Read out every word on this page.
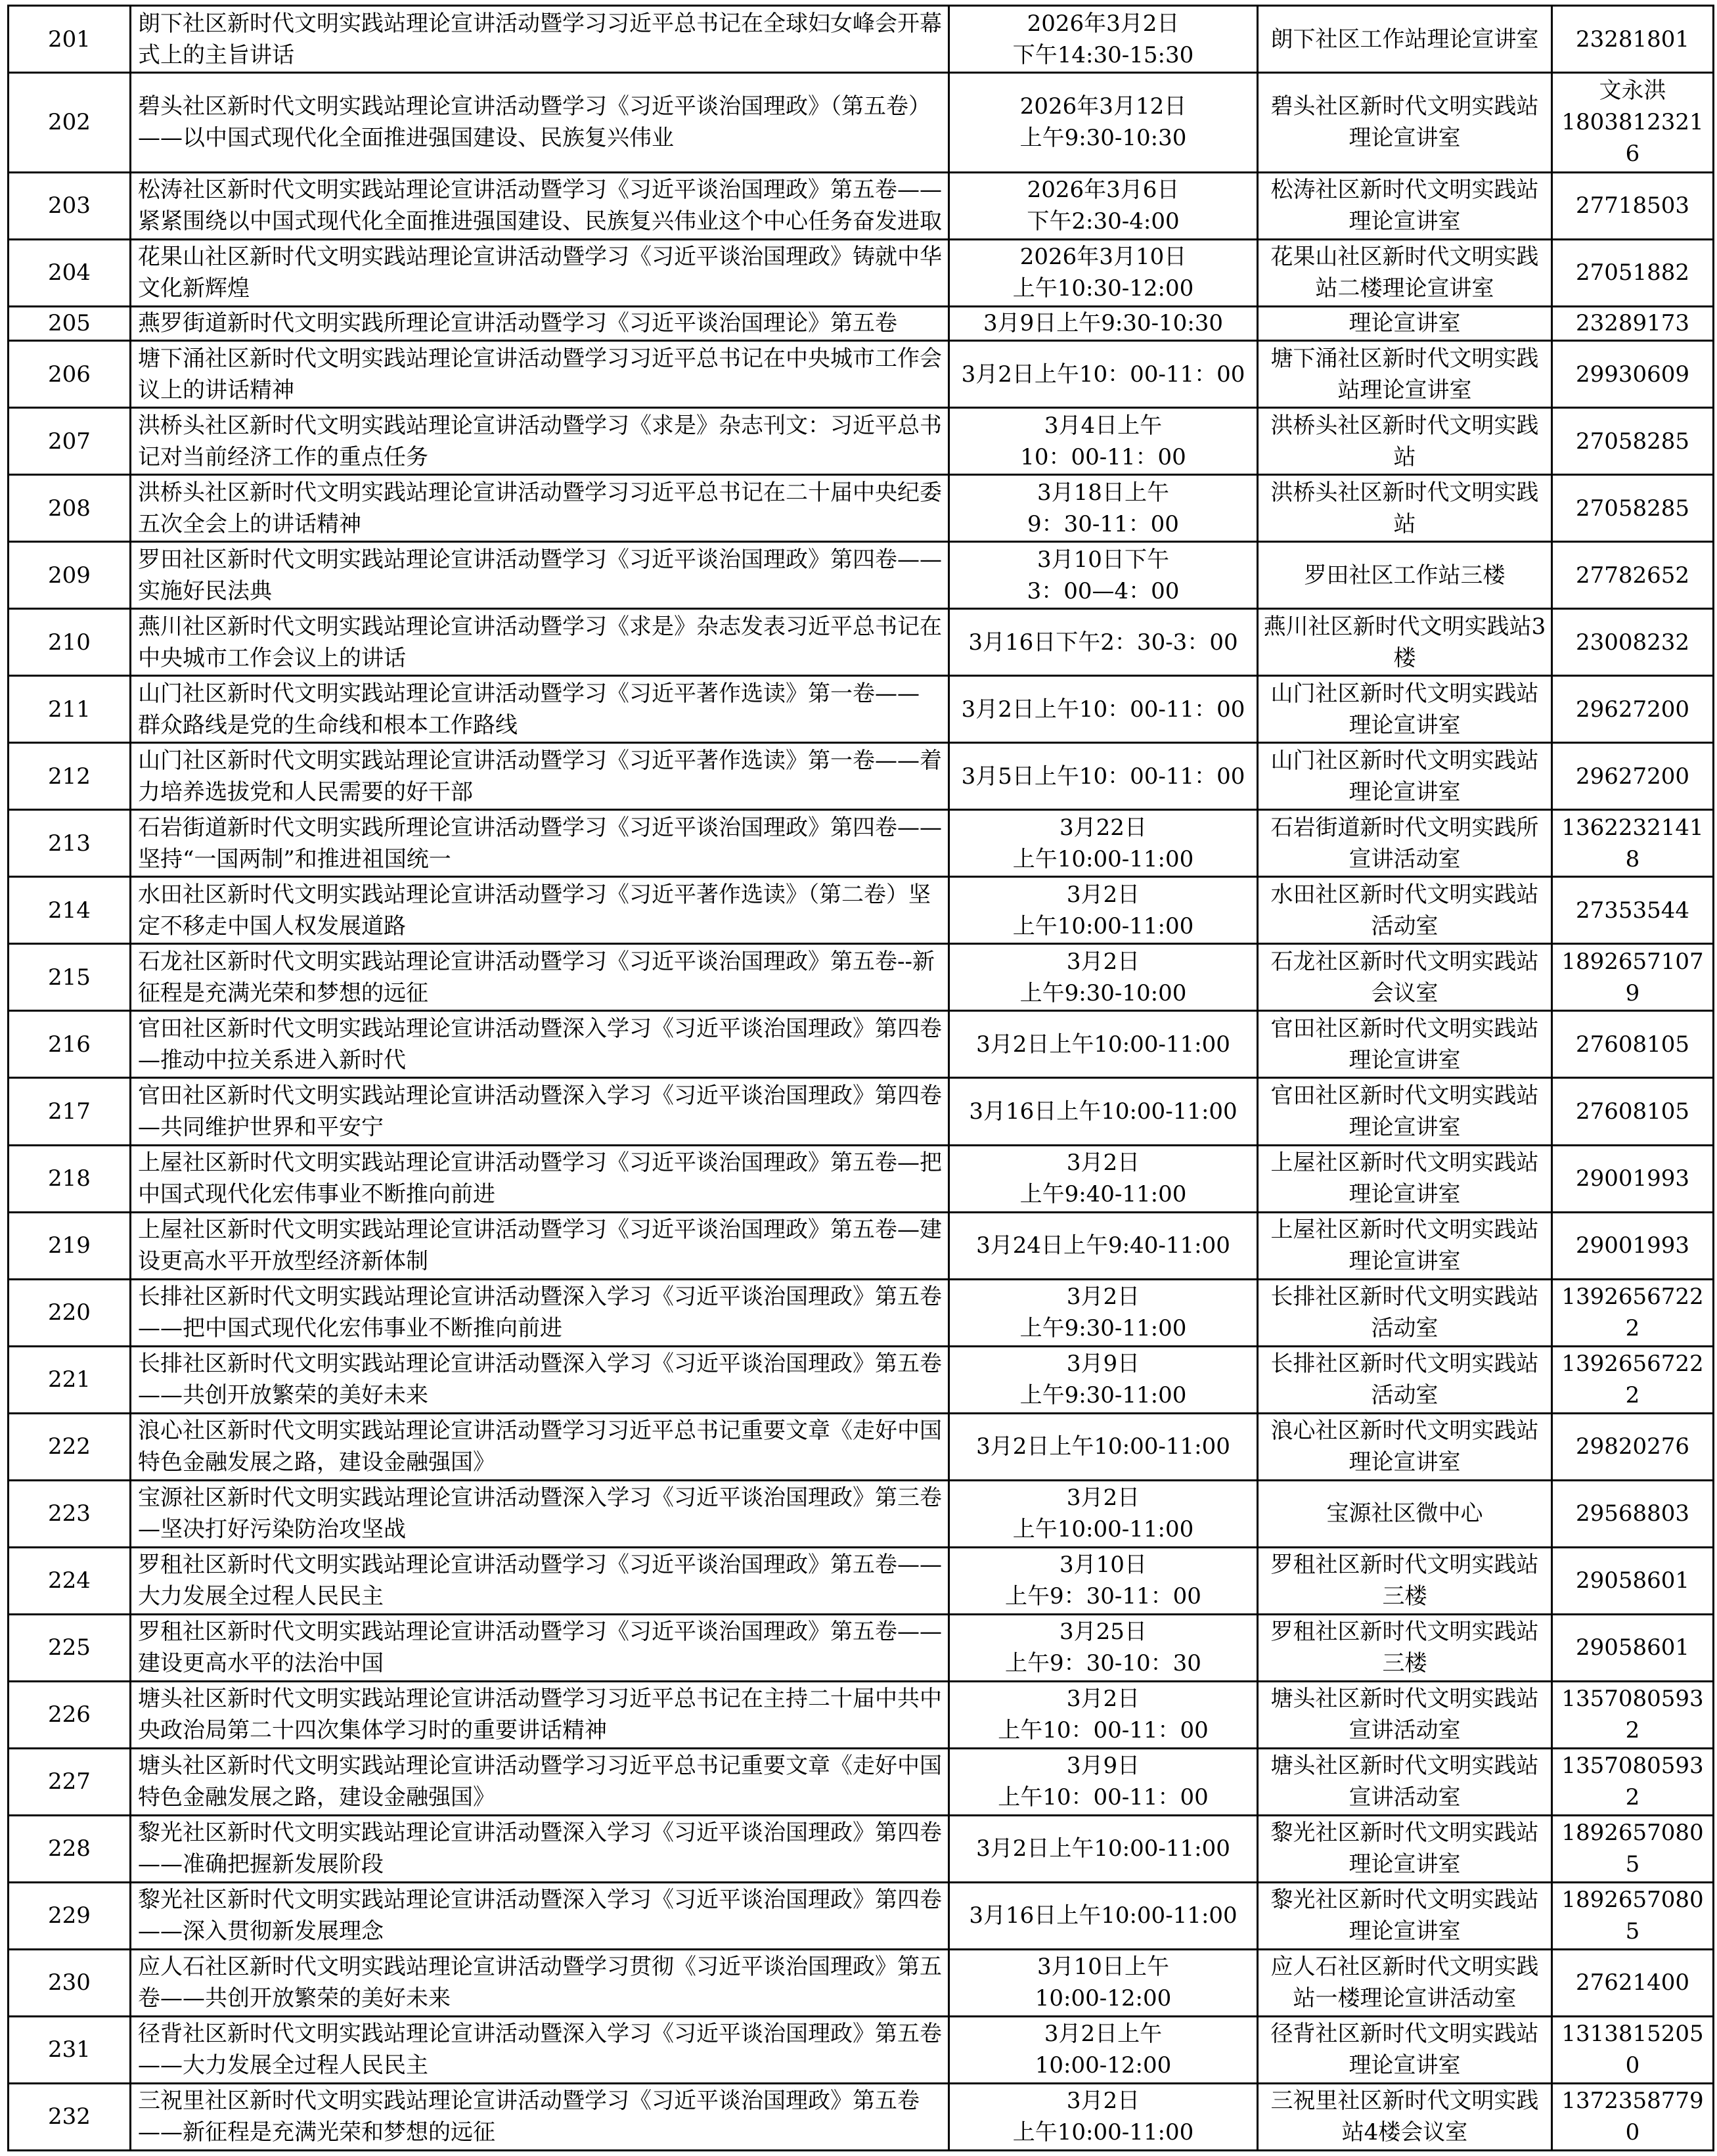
201	朗下社区新时代文明实践站理论宣讲活动暨学习习近平总书记在全球妇女峰会开幕式上的主旨讲话	2026年3月2日
下午14:30-15:30	朗下社区工作站理论宣讲室	23281801
202	碧头社区新时代文明实践站理论宣讲活动暨学习《习近平谈治国理政》（第五卷）——以中国式现代化全面推进强国建设、民族复兴伟业	2026年3月12日
上午9:30-10:30	碧头社区新时代文明实践站理论宣讲室	文永洪
18038123216
203	松涛社区新时代文明实践站理论宣讲活动暨学习《习近平谈治国理政》第五卷——紧紧围绕以中国式现代化全面推进强国建设、民族复兴伟业这个中心任务奋发进取	2026年3月6日
下午2:30-4:00	松涛社区新时代文明实践站理论宣讲室	27718503
204	花果山社区新时代文明实践站理论宣讲活动暨学习《习近平谈治国理政》铸就中华文化新辉煌	2026年3月10日
上午10:30-12:00	花果山社区新时代文明实践站二楼理论宣讲室	27051882
205	燕罗街道新时代文明实践所理论宣讲活动暨学习《习近平谈治国理论》第五卷	3月9日上午9:30-10:30	理论宣讲室	23289173
206	塘下涌社区新时代文明实践站理论宣讲活动暨学习习近平总书记在中央城市工作会议上的讲话精神	3月2日上午10：00-11：00	塘下涌社区新时代文明实践站理论宣讲室	29930609
207	洪桥头社区新时代文明实践站理论宣讲活动暨学习《求是》杂志刊文：习近平总书记对当前经济工作的重点任务	3月4日上午
10：00-11：00	洪桥头社区新时代文明实践站	27058285
208	洪桥头社区新时代文明实践站理论宣讲活动暨学习习近平总书记在二十届中央纪委五次全会上的讲话精神	3月18日上午
9：30-11：00	洪桥头社区新时代文明实践站	27058285
209	罗田社区新时代文明实践站理论宣讲活动暨学习《习近平谈治国理政》第四卷——实施好民法典	3月10日下午
3：00—4：00	罗田社区工作站三楼	27782652
210	燕川社区新时代文明实践站理论宣讲活动暨学习《求是》杂志发表习近平总书记在中央城市工作会议上的讲话	3月16日下午2：30-3：00	燕川社区新时代文明实践站3楼	23008232
211	山门社区新时代文明实践站理论宣讲活动暨学习《习近平著作选读》第一卷—— 群众路线是党的生命线和根本工作路线	3月2日上午10：00-11：00	山门社区新时代文明实践站理论宣讲室	29627200
212	山门社区新时代文明实践站理论宣讲活动暨学习《习近平著作选读》第一卷——着力培养选拔党和人民需要的好干部	3月5日上午10：00-11：00	山门社区新时代文明实践站理论宣讲室	29627200
213	石岩街道新时代文明实践所理论宣讲活动暨学习《习近平谈治国理政》第四卷——坚持“一国两制”和推进祖国统一	3月22日
上午10:00-11:00	石岩街道新时代文明实践所宣讲活动室	13622321418
214	水田社区新时代文明实践站理论宣讲活动暨学习《习近平著作选读》（第二卷）坚定不移走中国人权发展道路	3月2日
上午10:00-11:00	水田社区新时代文明实践站活动室	27353544
215	石龙社区新时代文明实践站理论宣讲活动暨学习《习近平谈治国理政》第五卷--新征程是充满光荣和梦想的远征	3月2日
上午9:30-10:00	石龙社区新时代文明实践站会议室	18926571079
216	官田社区新时代文明实践站理论宣讲活动暨深入学习《习近平谈治国理政》第四卷—推动中拉关系进入新时代	3月2日上午10:00-11:00	官田社区新时代文明实践站理论宣讲室	27608105
217	官田社区新时代文明实践站理论宣讲活动暨深入学习《习近平谈治国理政》第四卷—共同维护世界和平安宁	3月16日上午10:00-11:00	官田社区新时代文明实践站理论宣讲室	27608105
218	上屋社区新时代文明实践站理论宣讲活动暨学习《习近平谈治国理政》第五卷—把中国式现代化宏伟事业不断推向前进	3月2日
上午9:40-11:00	上屋社区新时代文明实践站理论宣讲室	29001993
219	上屋社区新时代文明实践站理论宣讲活动暨学习《习近平谈治国理政》第五卷—建设更高水平开放型经济新体制	3月24日上午9:40-11:00	上屋社区新时代文明实践站理论宣讲室	29001993
220	长排社区新时代文明实践站理论宣讲活动暨深入学习《习近平谈治国理政》第五卷——把中国式现代化宏伟事业不断推向前进	3月2日
上午9:30-11:00	长排社区新时代文明实践站活动室	13926567222
221	长排社区新时代文明实践站理论宣讲活动暨深入学习《习近平谈治国理政》第五卷——共创开放繁荣的美好未来	3月9日
上午9:30-11:00	长排社区新时代文明实践站活动室	13926567222
222	浪心社区新时代文明实践站理论宣讲活动暨学习习近平总书记重要文章《走好中国特色金融发展之路，建设金融强国》	3月2日上午10:00-11:00	浪心社区新时代文明实践站理论宣讲室	29820276
223	宝源社区新时代文明实践站理论宣讲活动暨深入学习《习近平谈治国理政》第三卷—坚决打好污染防治攻坚战	3月2日
上午10:00-11:00	宝源社区微中心	29568803
224	罗租社区新时代文明实践站理论宣讲活动暨学习《习近平谈治国理政》第五卷——大力发展全过程人民民主	3月10日
上午9：30-11：00	罗租社区新时代文明实践站三楼	29058601
225	罗租社区新时代文明实践站理论宣讲活动暨学习《习近平谈治国理政》第五卷——建设更高水平的法治中国	3月25日
上午9：30-10：30	罗租社区新时代文明实践站三楼	29058601
226	塘头社区新时代文明实践站理论宣讲活动暨学习习近平总书记在主持二十届中共中央政治局第二十四次集体学习时的重要讲话精神	3月2日
上午10：00-11：00	塘头社区新时代文明实践站宣讲活动室	13570805932
227	塘头社区新时代文明实践站理论宣讲活动暨学习习近平总书记重要文章《走好中国特色金融发展之路，建设金融强国》	3月9日
上午10：00-11：00	塘头社区新时代文明实践站宣讲活动室	13570805932
228	黎光社区新时代文明实践站理论宣讲活动暨深入学习《习近平谈治国理政》第四卷——准确把握新发展阶段	3月2日上午10:00-11:00	黎光社区新时代文明实践站理论宣讲室	18926570805
229	黎光社区新时代文明实践站理论宣讲活动暨深入学习《习近平谈治国理政》第四卷——深入贯彻新发展理念	3月16日上午10:00-11:00	黎光社区新时代文明实践站理论宣讲室	18926570805
230	应人石社区新时代文明实践站理论宣讲活动暨学习贯彻《习近平谈治国理政》第五卷——共创开放繁荣的美好未来	3月10日上午
10:00-12:00	应人石社区新时代文明实践站一楼理论宣讲活动室	27621400
231	径背社区新时代文明实践站理论宣讲活动暨深入学习《习近平谈治国理政》第五卷——大力发展全过程人民民主	3月2日上午
10:00-12:00	径背社区新时代文明实践站理论宣讲室	13138152050
232	三祝里社区新时代文明实践站理论宣讲活动暨学习《习近平谈治国理政》第五卷——新征程是充满光荣和梦想的远征	3月2日
上午10:00-11:00	三祝里社区新时代文明实践站4楼会议室	13723587790
